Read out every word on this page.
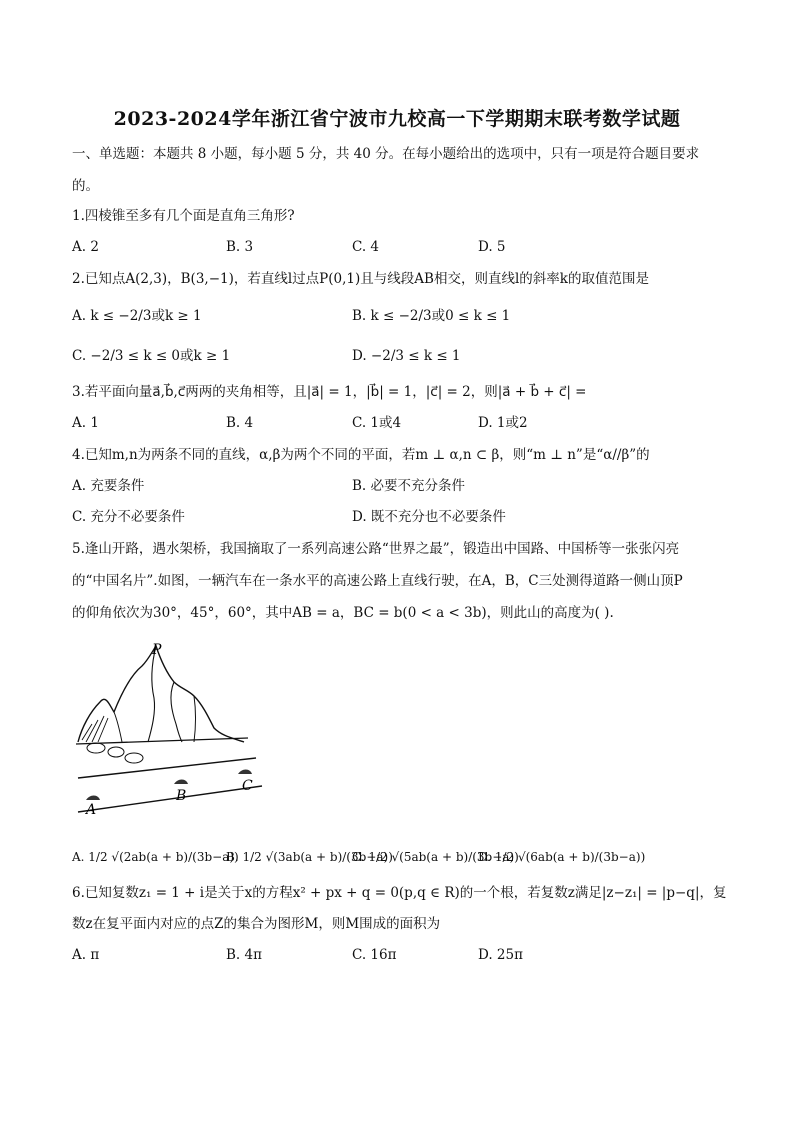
2023-2024学年浙江省宁波市九校高一下学期期末联考数学试题
一、单选题：本题共 8 小题，每小题 5 分，共 40 分。在每小题给出的选项中，只有一项是符合题目要求
的。
1.四棱锥至多有几个面是直角三角形?
A. 2	B. 3	C. 4	D. 5
2.已知点A(2,3)，B(3,−1)，若直线l过点P(0,1)且与线段AB相交，则直线l的斜率k的取值范围是
A. k ≤ −2/3或k ≥ 1	B. k ≤ −2/3或0 ≤ k ≤ 1
C. −2/3 ≤ k ≤ 0或k ≥ 1	D. −2/3 ≤ k ≤ 1
3.若平面向量a⃗,b⃗,c⃗两两的夹角相等，且|a⃗| = 1，|b⃗| = 1，|c⃗| = 2，则|a⃗ + b⃗ + c⃗| =
A. 1	B. 4	C. 1或4	D. 1或2
4.已知m,n为两条不同的直线，α,β为两个不同的平面，若m ⊥ α,n ⊂ β，则“m ⊥ n”是“α//β”的
A. 充要条件	B. 必要不充分条件
C. 充分不必要条件	D. 既不充分也不必要条件
5.逢山开路，遇水架桥，我国摘取了一系列高速公路“世界之最”，锻造出中国路、中国桥等一张张闪亮
的“中国名片”.如图，一辆汽车在一条水平的高速公路上直线行驶，在A，B，C三处测得道路一侧山顶P
的仰角依次为30°，45°，60°，其中AB = a，BC = b(0 < a < 3b)，则此山的高度为( ).
P
A
B
C
A. 1/2 √(2ab(a + b)/(3b−a))
B. 1/2 √(3ab(a + b)/(3b−a))
C. 1/2 √(5ab(a + b)/(3b−a))
D. 1/2 √(6ab(a + b)/(3b−a))
6.已知复数z₁ = 1 + i是关于x的方程x² + px + q = 0(p,q ∈ R)的一个根，若复数z满足|z−z₁| = |p−q|，复
数z在复平面内对应的点Z的集合为图形M，则M围成的面积为
A. π	B. 4π	C. 16π	D. 25π
